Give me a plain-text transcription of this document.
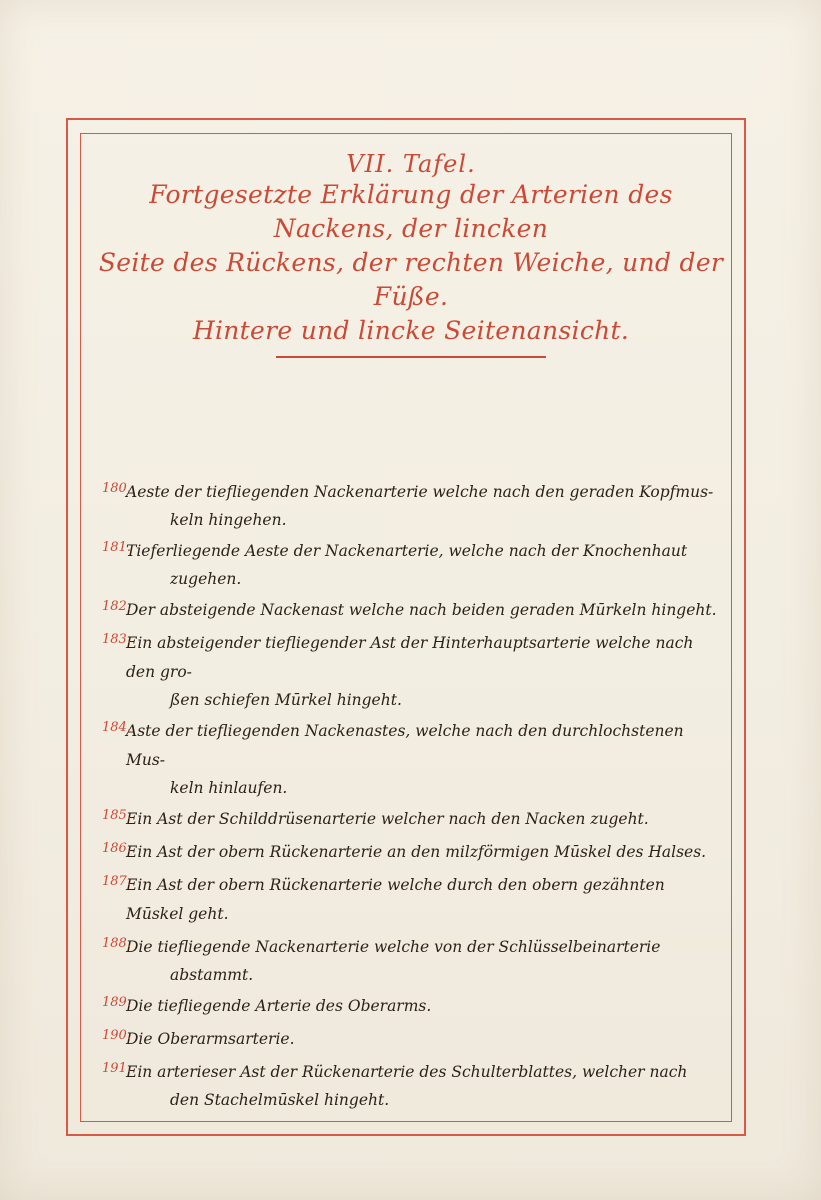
VII. Tafel.
Fortgesetzte Erklärung der Arterien des Nackens, der lincken
Seite des Rückens, der rechten Weiche, und der Füße.
Hintere und lincke Seitenansicht.
180.
Aeste der tiefliegenden Nackenarterie welche nach den geraden Kopfmus-
keln hingehen.
181.
Tieferliegende Aeste der Nackenarterie, welche nach der Knochenhaut
zugehen.
182.
Der absteigende Nackenast welche nach beiden geraden Mūrkeln hingeht.
183.
Ein absteigender tiefliegender Ast der Hinterhauptsarterie welche nach den gro-
ßen schiefen Mūrkel hingeht.
184.
Aste der tiefliegenden Nackenastes, welche nach den durchlochstenen Mus-
keln hinlaufen.
185.
Ein Ast der Schilddrüsenarterie welcher nach den Nacken zugeht.
186.
Ein Ast der obern Rückenarterie an den milzförmigen Mūskel des Halses.
187.
Ein Ast der obern Rückenarterie welche durch den obern gezähnten Mūskel geht.
188.
Die tiefliegende Nackenarterie welche von der Schlüsselbeinarterie
abstammt.
189.
Die tiefliegende Arterie des Oberarms.
190.
Die Oberarmsarterie.
191.
Ein arterieser Ast der Rückenarterie des Schulterblattes, welcher nach
den Stachelmūskel hingeht.
